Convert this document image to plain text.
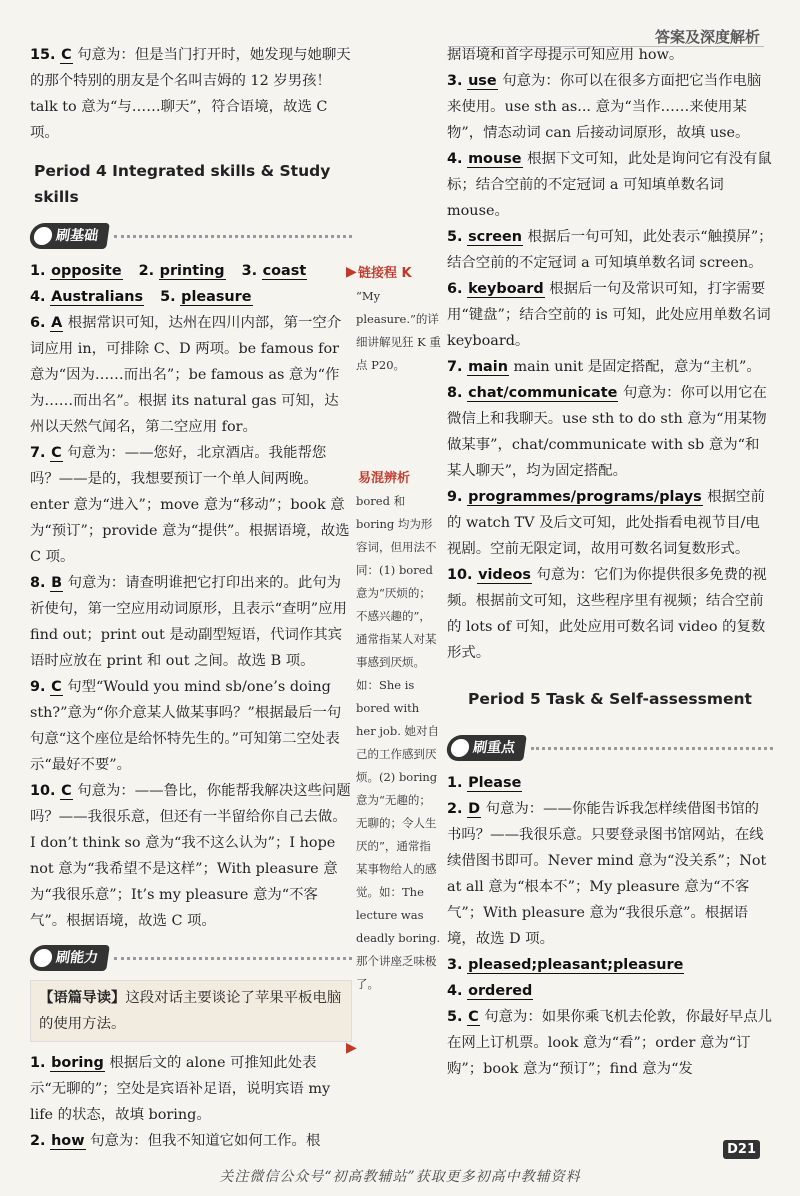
答案及深度解析

15. C 句意为：但是当门打开时，她发现与她聊天的那个特别的朋友是个名叫吉姆的 12 岁男孩！talk to 意为“与……聊天”，符合语境，故选 C 项。

Period 4 Integrated skills & Study skills
刷基础
1. opposite 2. printing 3. coast
4. Australians 5. pleasure

6. A 根据常识可知，达州在四川内部，第一空介词应用 in，可排除 C、D 两项。be famous for 意为“因为……而出名”；be famous as 意为“作为……而出名”。根据 its natural gas 可知，达州以天然气闻名，第二空应用 for。

7. C 句意为：——您好，北京酒店。我能帮您吗？——是的，我想要预订一个单人间两晚。enter 意为“进入”；move 意为“移动”；book 意为“预订”；provide 意为“提供”。根据语境，故选 C 项。

8. B 句意为：请查明谁把它打印出来的。此句为祈使句，第一空应用动词原形，且表示“查明”应用 find out；print out 是动副型短语，代词作其宾语时应放在 print 和 out 之间。故选 B 项。

9. C 句型“Would you mind sb/one’s doing sth?”意为“你介意某人做某事吗？”根据最后一句句意“这个座位是给怀特先生的。”可知第二空处表示“最好不要”。

10. C 句意为：——鲁比，你能帮我解决这些问题吗？——我很乐意，但还有一半留给你自己去做。I don’t think so 意为“我不这么认为”；I hope not 意为“我希望不是这样”；With pleasure 意为“我很乐意”；It’s my pleasure 意为“不客气”。根据语境，故选 C 项。

刷能力
【语篇导读】这段对话主要谈论了苹果平板电脑的使用方法。

1. boring 根据后文的 alone 可推知此处表示“无聊的”；空处是宾语补足语，说明宾语 my life 的状态，故填 boring。

2. how 句意为：但我不知道它如何工作。根

链接程 K
“My pleasure.”的详细讲解见狂 K 重点 P20。
易混辨析
bored 和 boring 均为形容词，但用法不同：(1) bored 意为“厌烦的；不感兴趣的”，通常指某人对某事感到厌烦。如：She is bored with her job. 她对自己的工作感到厌烦。(2) boring 意为“无趣的；无聊的；令人生厌的”，通常指某事物给人的感觉。如：The lecture was deadly boring. 那个讲座乏味极了。
▶
▶

据语境和首字母提示可知应用 how。

3. use 句意为：你可以在很多方面把它当作电脑来使用。use sth as... 意为“当作……来使用某物”，情态动词 can 后接动词原形，故填 use。

4. mouse 根据下文可知，此处是询问它有没有鼠标；结合空前的不定冠词 a 可知填单数名词 mouse。

5. screen 根据后一句可知，此处表示“触摸屏”；结合空前的不定冠词 a 可知填单数名词 screen。

6. keyboard 根据后一句及常识可知，打字需要用“键盘”；结合空前的 is 可知，此处应用单数名词 keyboard。

7. main main unit 是固定搭配，意为“主机”。

8. chat/communicate 句意为：你可以用它在微信上和我聊天。use sth to do sth 意为“用某物做某事”，chat/communicate with sb 意为“和某人聊天”，均为固定搭配。

9. programmes/programs/plays 根据空前的 watch TV 及后文可知，此处指看电视节目/电视剧。空前无限定词，故用可数名词复数形式。

10. videos 句意为：它们为你提供很多免费的视频。根据前文可知，这些程序里有视频；结合空前的 lots of 可知，此处应用可数名词 video 的复数形式。

Period 5 Task & Self-assessment
刷重点

1. Please

2. D 句意为：——你能告诉我怎样续借图书馆的书吗？——我很乐意。只要登录图书馆网站，在线续借图书即可。Never mind 意为“没关系”；Not at all 意为“根本不”；My pleasure 意为“不客气”；With pleasure 意为“我很乐意”。根据语境，故选 D 项。

3. pleased;pleasant;pleasure
4. ordered

5. C 句意为：如果你乘飞机去伦敦，你最好早点儿在网上订机票。look 意为“看”；order 意为“订购”；book 意为“预订”；find 意为“发

D21
关注微信公众号“初高教辅站”获取更多初高中教辅资料
